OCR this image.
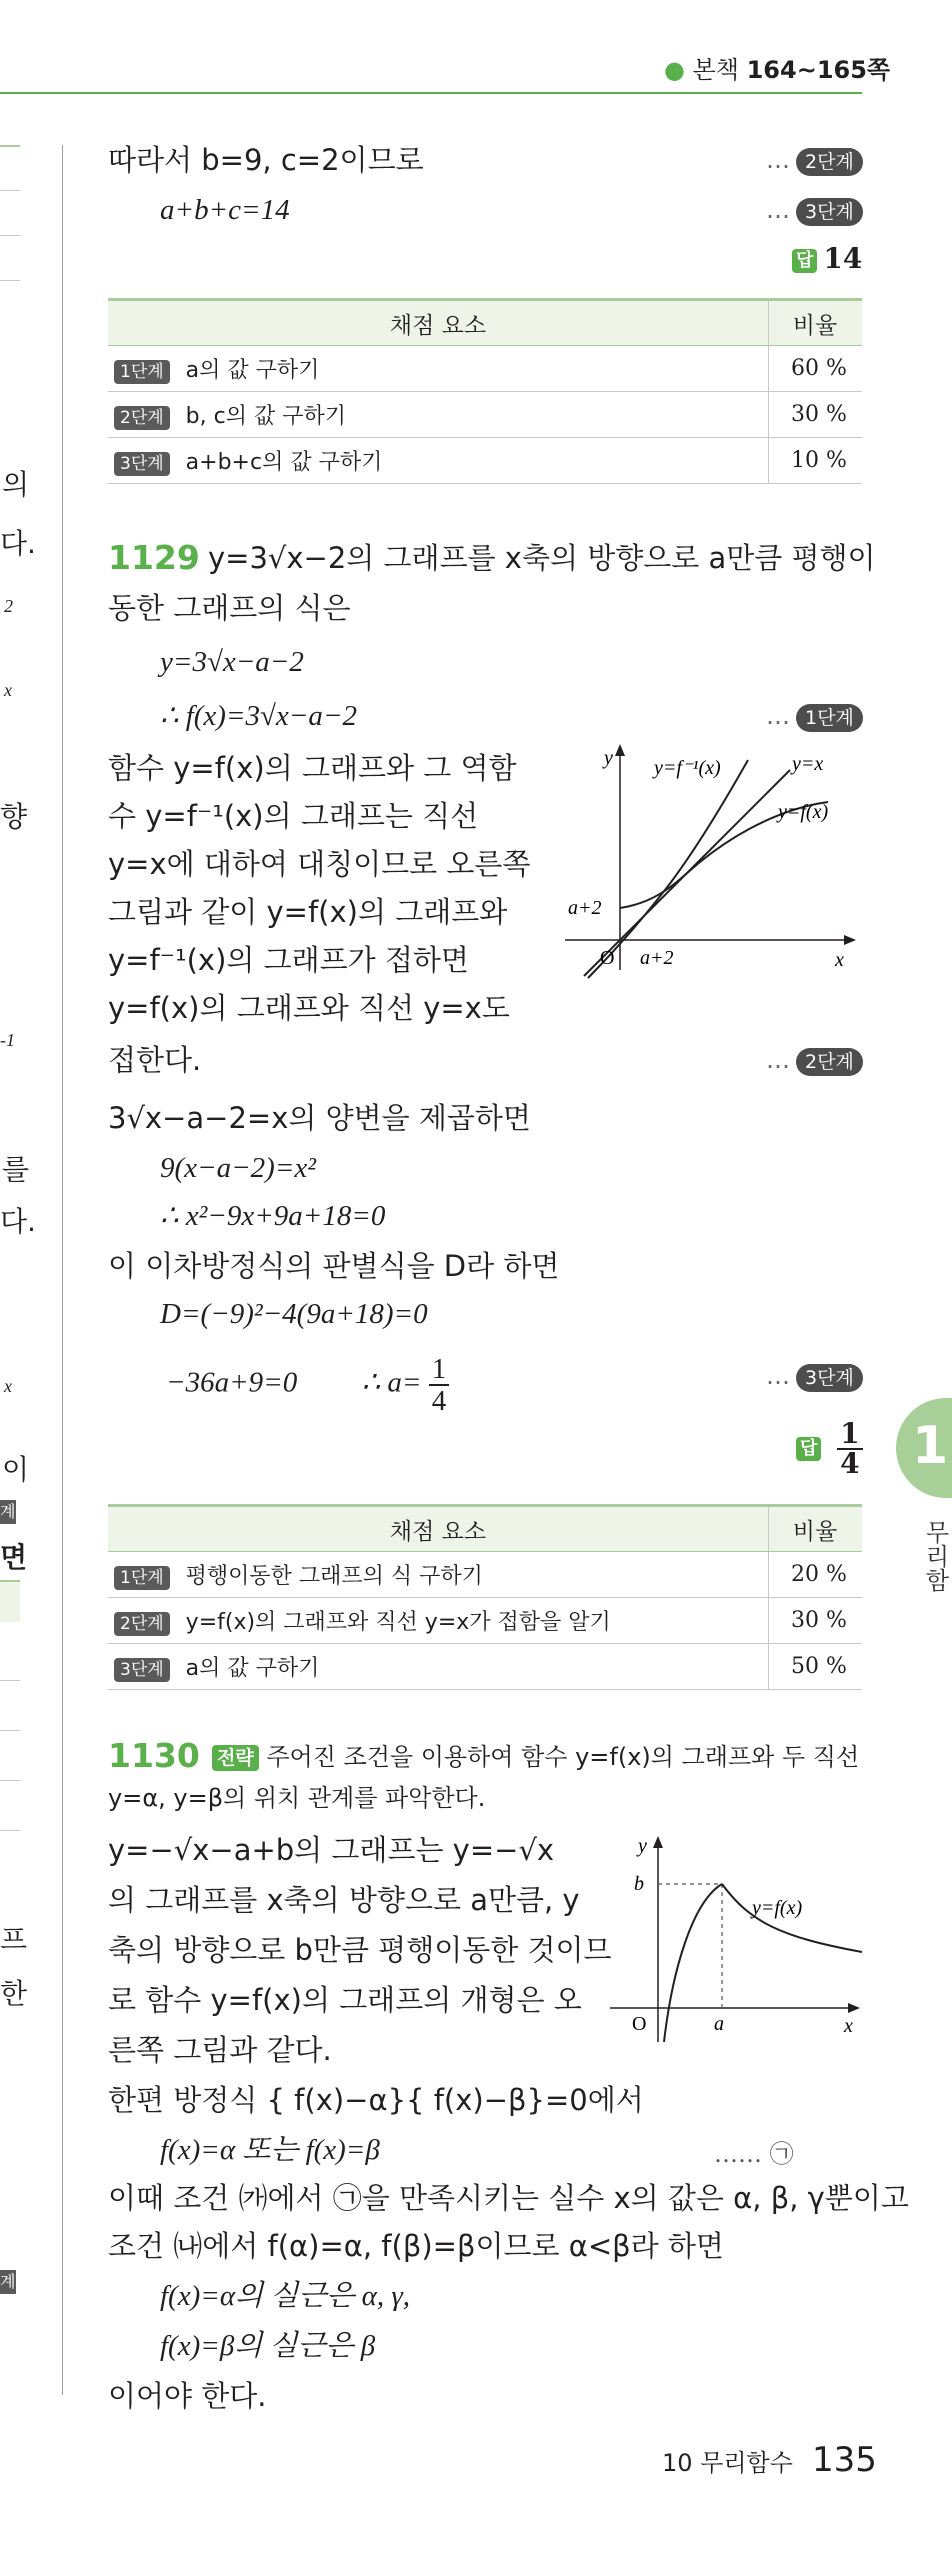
● 본책 164~165쪽
의
다.
2
x
향
-1
를
다.
x
이
계
면
프
한
계
따라서 b=9, c=2이므로	… 2단계
a+b+c=14	… 3단계
답 14
채점 요소	비율
1단계 a의 값 구하기	60 %
2단계 b, c의 값 구하기	30 %
3단계 a+b+c의 값 구하기	10 %
1129 y=3√x−2의 그래프를 x축의 방향으로 a만큼 평행이
동한 그래프의 식은
y=3√x−a−2
∴ f(x)=3√x−a−2	… 1단계
함수 y=f(x)의 그래프와 그 역함
수 y=f⁻¹(x)의 그래프는 직선
y=x에 대하여 대칭이므로 오른쪽
그림과 같이 y=f(x)의 그래프와
y=f⁻¹(x)의 그래프가 접하면
y=f(x)의 그래프와 직선 y=x도
접한다.	… 2단계
y
x
O
y=f⁻¹(x)	y=x
y=f(x)
a+2
a+2
3√x−a−2=x의 양변을 제곱하면
9(x−a−2)=x²
∴ x²−9x+9a+18=0
이 이차방정식의 판별식을 D라 하면
D=(−9)²−4(9a+18)=0
−36a+9=0 ∴ $a= \frac{1}{4}$	… 3단계
답 $\frac{1}{4}$
채점 요소	비율
1단계 평행이동한 그래프의 식 구하기	20 %
2단계 y=f(x)의 그래프와 직선 y=x가 접함을 알기	30 %
3단계 a의 값 구하기	50 %
1130 전략 주어진 조건을 이용하여 함수 y=f(x)의 그래프와 두 직선
y=α, y=β의 위치 관계를 파악한다.
y=−√x−a+b의 그래프는 y=−√x
의 그래프를 x축의 방향으로 a만큼, y
축의 방향으로 b만큼 평행이동한 것이므
로 함수 y=f(x)의 그래프의 개형은 오
른쪽 그림과 같다.
y
x
O
b
a
y=f(x)
한편 방정식 { f(x)−α}{ f(x)−β}=0에서
f(x)=α 또는 f(x)=β	…… ㉠
이때 조건 ㈎에서 ㉠을 만족시키는 실수 x의 값은 α, β, γ뿐이고
조건 ㈏에서 f(α)=α, f(β)=β이므로 α<β라 하면
f(x)=α의 실근은 α, γ,
f(x)=β의 실근은 β
이어야 한다.
1
무리함
10 무리함수 135
